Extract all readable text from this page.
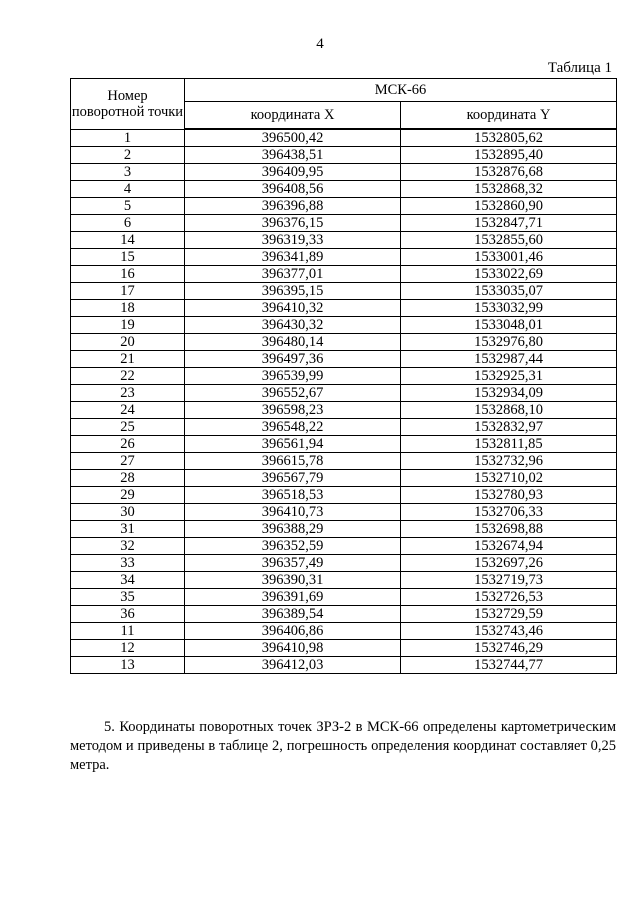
4
Таблица 1
Номер поворотной точки	МСК-66	
	координата X	координата Y
1	396500,42	1532805,62
2	396438,51	1532895,40
3	396409,95	1532876,68
4	396408,56	1532868,32
5	396396,88	1532860,90
6	396376,15	1532847,71
14	396319,33	1532855,60
15	396341,89	1533001,46
16	396377,01	1533022,69
17	396395,15	1533035,07
18	396410,32	1533032,99
19	396430,32	1533048,01
20	396480,14	1532976,80
21	396497,36	1532987,44
22	396539,99	1532925,31
23	396552,67	1532934,09
24	396598,23	1532868,10
25	396548,22	1532832,97
26	396561,94	1532811,85
27	396615,78	1532732,96
28	396567,79	1532710,02
29	396518,53	1532780,93
30	396410,73	1532706,33
31	396388,29	1532698,88
32	396352,59	1532674,94
33	396357,49	1532697,26
34	396390,31	1532719,73
35	396391,69	1532726,53
36	396389,54	1532729,59
11	396406,86	1532743,46
12	396410,98	1532746,29
13	396412,03	1532744,77
5. Координаты поворотных точек ЗРЗ-2 в МСК-66 определены картометрическим методом и приведены в таблице 2, погрешность определения координат составляет 0,25 метра.
